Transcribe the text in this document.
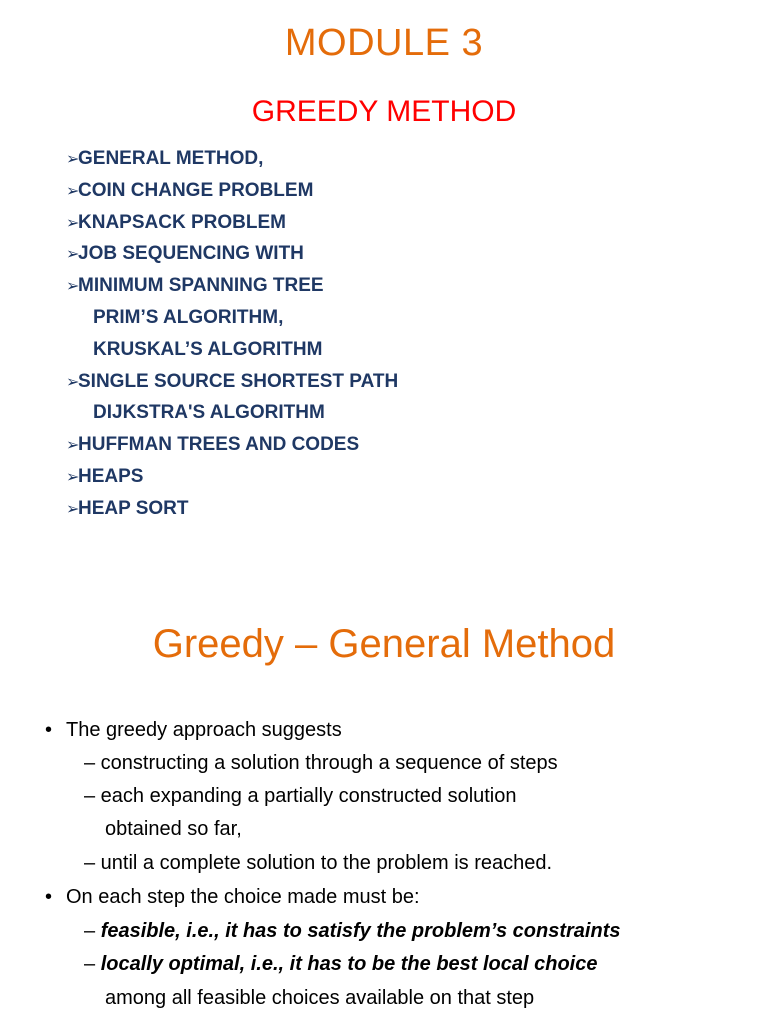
MODULE 3
GREEDY METHOD
➢GENERAL METHOD,
➢COIN CHANGE PROBLEM
➢KNAPSACK PROBLEM
➢JOB SEQUENCING WITH
➢MINIMUM SPANNING TREE
PRIM’S ALGORITHM,
KRUSKAL’S ALGORITHM
➢SINGLE SOURCE SHORTEST PATH
DIJKSTRA'S ALGORITHM
➢HUFFMAN TREES AND CODES
➢HEAPS
➢HEAP SORT
Greedy – General Method
• The greedy approach suggests
– constructing a solution through a sequence of steps
– each expanding a partially constructed solution
obtained so far,
– until a complete solution to the problem is reached.
• On each step the choice made must be:
– feasible, i.e., it has to satisfy the problem’s constraints
– locally optimal, i.e., it has to be the best local choice
among all feasible choices available on that step
